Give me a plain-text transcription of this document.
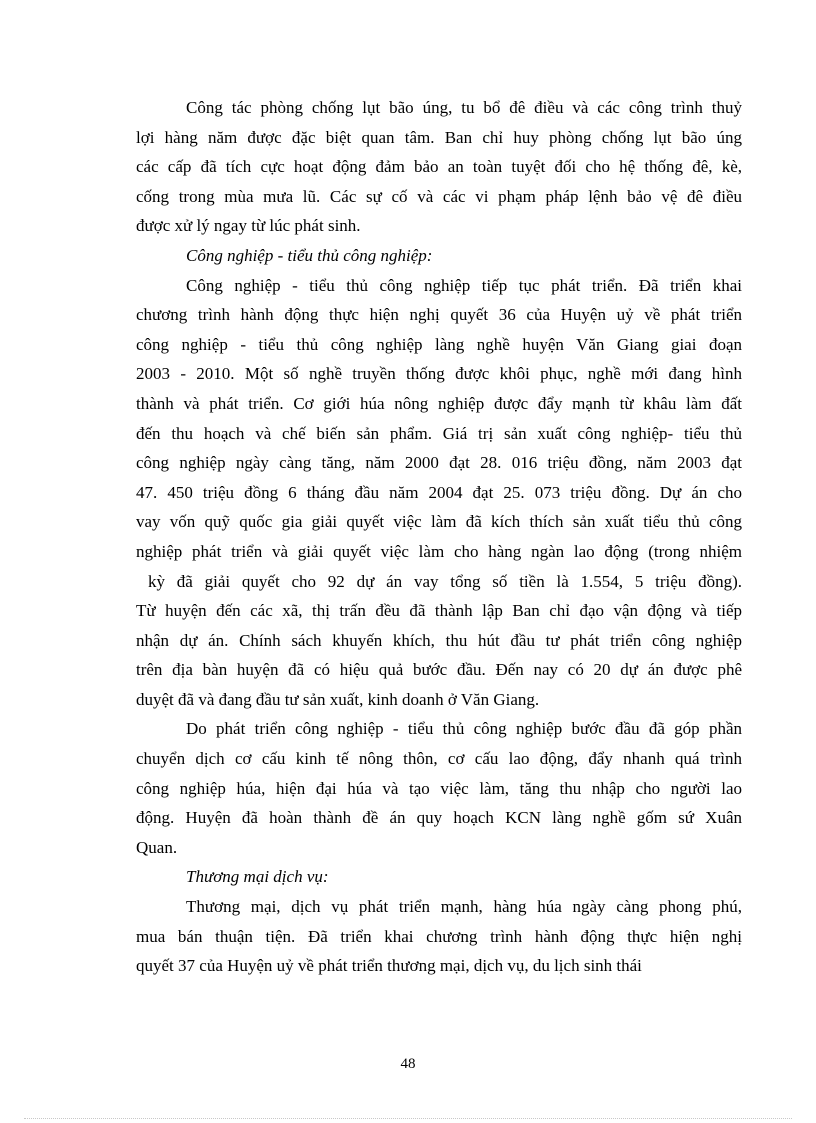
Công tác phòng chống lụt bão úng, tu bổ đê điều và các công trình thuỷ
lợi hàng năm được đặc biệt quan tâm. Ban chỉ huy phòng chống lụt bão úng
các cấp đã tích cực hoạt động đảm bảo an toàn tuyệt đối cho hệ thống đê, kè,
cống trong mùa mưa lũ. Các sự cố và các vi phạm pháp lệnh bảo vệ đê điều
được xử lý ngay từ lúc phát sinh.
Công nghiệp - tiểu thủ công nghiệp:
Công nghiệp - tiểu thủ công nghiệp tiếp tục phát triển. Đã triển khai
chương trình hành động thực hiện nghị quyết 36 của Huyện uỷ về phát triển
công nghiệp - tiểu thủ công nghiệp làng nghề huyện Văn Giang giai đoạn
2003 - 2010. Một số nghề truyền thống được khôi phục, nghề mới đang hình
thành và phát triển. Cơ giới húa nông nghiệp được đẩy mạnh từ khâu làm đất
đến thu hoạch và chế biến sản phẩm. Giá trị sản xuất công nghiệp- tiểu thủ
công nghiệp ngày càng tăng, năm 2000 đạt 28. 016 triệu đồng, năm 2003 đạt
47. 450 triệu đồng 6 tháng đầu năm 2004 đạt 25. 073 triệu đồng. Dự án cho
vay vốn quỹ quốc gia giải quyết việc làm đã kích thích sản xuất tiểu thủ công
nghiệp phát triển và giải quyết việc làm cho hàng ngàn lao động (trong nhiệm
kỳ đã giải quyết cho 92 dự án vay tổng số tiền là 1.554, 5 triệu đồng).
Từ huyện đến các xã, thị trấn đều đã thành lập Ban chỉ đạo vận động và tiếp
nhận dự án. Chính sách khuyến khích, thu hút đầu tư phát triển công nghiệp
trên địa bàn huyện đã có hiệu quả bước đầu. Đến nay có 20 dự án được phê
duyệt đã và đang đầu tư sản xuất, kinh doanh ở Văn Giang.
Do phát triển công nghiệp - tiểu thủ công nghiệp bước đầu đã góp phần
chuyển dịch cơ cấu kinh tế nông thôn, cơ cấu lao động, đẩy nhanh quá trình
công nghiệp húa, hiện đại húa và tạo việc làm, tăng thu nhập cho người lao
động. Huyện đã hoàn thành đề án quy hoạch KCN làng nghề gốm sứ Xuân
Quan.
Thương mại dịch vụ:
Thương mại, dịch vụ phát triển mạnh, hàng húa ngày càng phong phú,
mua bán thuận tiện. Đã triển khai chương trình hành động thực hiện nghị
quyết 37 của Huyện uỷ về phát triển thương mại, dịch vụ, du lịch sinh thái
48
